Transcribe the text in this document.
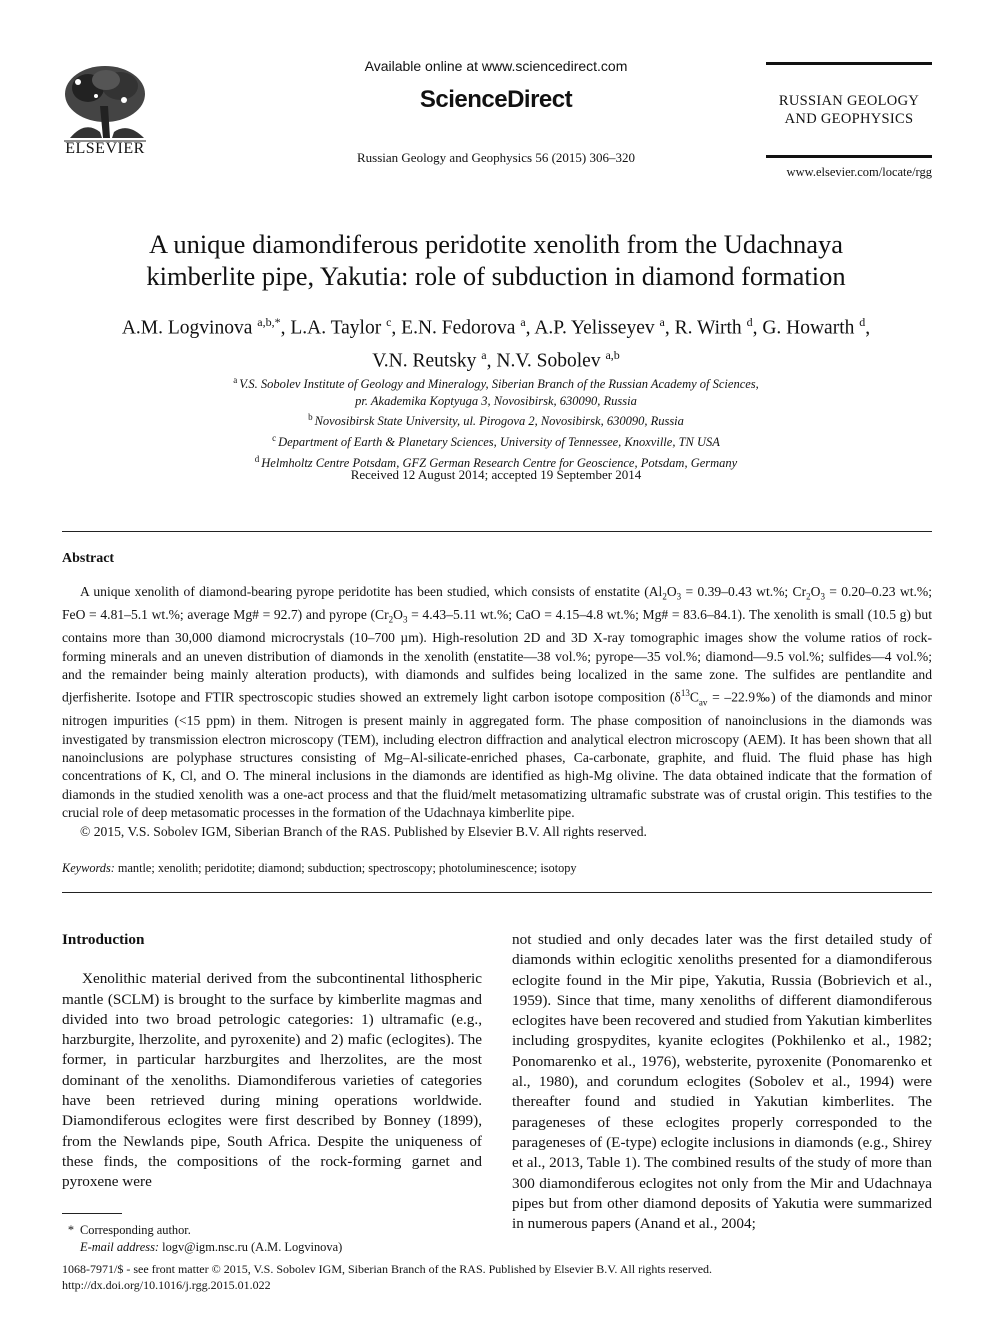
ELSEVIER
Available online at www.sciencedirect.com
ScienceDirect
Russian Geology and Geophysics 56 (2015) 306–320
RUSSIAN GEOLOGY
AND GEOPHYSICS
www.elsevier.com/locate/rgg
A unique diamondiferous peridotite xenolith from the Udachnaya
kimberlite pipe, Yakutia: role of subduction in diamond formation
A.M. Logvinova $^{a,b,*}$, L.A. Taylor $^c$, E.N. Fedorova $^a$, A.P. Yelisseyev $^a$, R. Wirth $^d$, G. Howarth $^d$,
V.N. Reutsky $^a$, N.V. Sobolev $^{a,b}$
$^a$ V.S. Sobolev Institute of Geology and Mineralogy, Siberian Branch of the Russian Academy of Sciences,
pr. Akademika Koptyuga 3, Novosibirsk, 630090, Russia
$^b$ Novosibirsk State University, ul. Pirogova 2, Novosibirsk, 630090, Russia
$^c$ Department of Earth & Planetary Sciences, University of Tennessee, Knoxville, TN USA
$^d$ Helmholtz Centre Potsdam, GFZ German Research Centre for Geoscience, Potsdam, Germany
Received 12 August 2014; accepted 19 September 2014
Abstract

A unique xenolith of diamond-bearing pyrope peridotite has been studied, which consists of enstatite ($Al_2O_3 = 0.39-0.43$ wt.%; $Cr_2O_3 = 0.20-0.23$ wt.%; FeO = 4.81–5.1 wt.%; average Mg# = 92.7) and pyrope ($Cr_2O_3 = 4.43-5.11$ wt.%; CaO = 4.15–4.8 wt.%; Mg# = 83.6–84.1). The xenolith is small (10.5 g) but contains more than 30,000 diamond microcrystals (10–700 µm). High-resolution 2D and 3D X-ray tomographic images show the volume ratios of rock-forming minerals and an uneven distribution of diamonds in the xenolith (enstatite—38 vol.%; pyrope—35 vol.%; diamond—9.5 vol.%; sulfides—4 vol.%; and the remainder being mainly alteration products), with diamonds and sulfides being localized in the same zone. The sulfides are pentlandite and djerfisherite. Isotope and FTIR spectroscopic studies showed an extremely light carbon isotope composition ($\delta^{13}C_{av}$ = –22.9‰) of the diamonds and minor nitrogen impurities (<15 ppm) in them. Nitrogen is present mainly in aggregated form. The phase composition of nanoinclusions in the diamonds was investigated by transmission electron microscopy (TEM), including electron diffraction and analytical electron microscopy (AEM). It has been shown that all nanoinclusions are polyphase structures consisting of Mg–Al-silicate-enriched phases, Ca-carbonate, graphite, and fluid. The fluid phase has high concentrations of K, Cl, and O. The mineral inclusions in the diamonds are identified as high-Mg olivine. The data obtained indicate that the formation of diamonds in the studied xenolith was a one-act process and that the fluid/melt metasomatizing ultramafic substrate was of crustal origin. This testifies to the crucial role of deep metasomatic processes in the formation of the Udachnaya kimberlite pipe.

© 2015, V.S. Sobolev IGM, Siberian Branch of the RAS. Published by Elsevier B.V. All rights reserved.

Keywords: mantle; xenolith; peridotite; diamond; subduction; spectroscopy; photoluminescence; isotopy
Introduction

Xenolithic material derived from the subcontinental lithospheric mantle (SCLM) is brought to the surface by kimberlite magmas and divided into two broad petrologic categories: 1) ultramafic (e.g., harzburgite, lherzolite, and pyroxenite) and 2) mafic (eclogites). The former, in particular harzburgites and lherzolites, are the most dominant of the xenoliths. Diamondiferous varieties of categories have been retrieved during mining operations worldwide. Diamondiferous eclogites were first described by Bonney (1899), from the Newlands pipe, South Africa. Despite the uniqueness of these finds, the compositions of the rock-forming garnet and pyroxene were

not studied and only decades later was the first detailed study of diamonds within eclogitic xenoliths presented for a diamondiferous eclogite found in the Mir pipe, Yakutia, Russia (Bobrievich et al., 1959). Since that time, many xenoliths of different diamondiferous eclogites have been recovered and studied from Yakutian kimberlites including grospydites, kyanite eclogites (Pokhilenko et al., 1982; Ponomarenko et al., 1976), websterite, pyroxenite (Ponomarenko et al., 1980), and corundum eclogites (Sobolev et al., 1994) were thereafter found and studied in Yakutian kimberlites. The parageneses of these eclogites properly corresponded to the parageneses of (E-type) eclogite inclusions in diamonds (e.g., Shirey et al., 2013, Table 1). The combined results of the study of more than 300 diamondiferous eclogites not only from the Mir and Udachnaya pipes but from other diamond deposits of Yakutia were summarized in numerous papers (Anand et al., 2004;

* Corresponding author.
E-mail address: logv@igm.nsc.ru (A.M. Logvinova)
1068-7971/$ - see front matter © 2015, V.S. Sobolev IGM, Siberian Branch of the RAS. Published by Elsevier B.V. All rights reserved.
http://dx.doi.org/10.1016/j.rgg.2015.01.022
